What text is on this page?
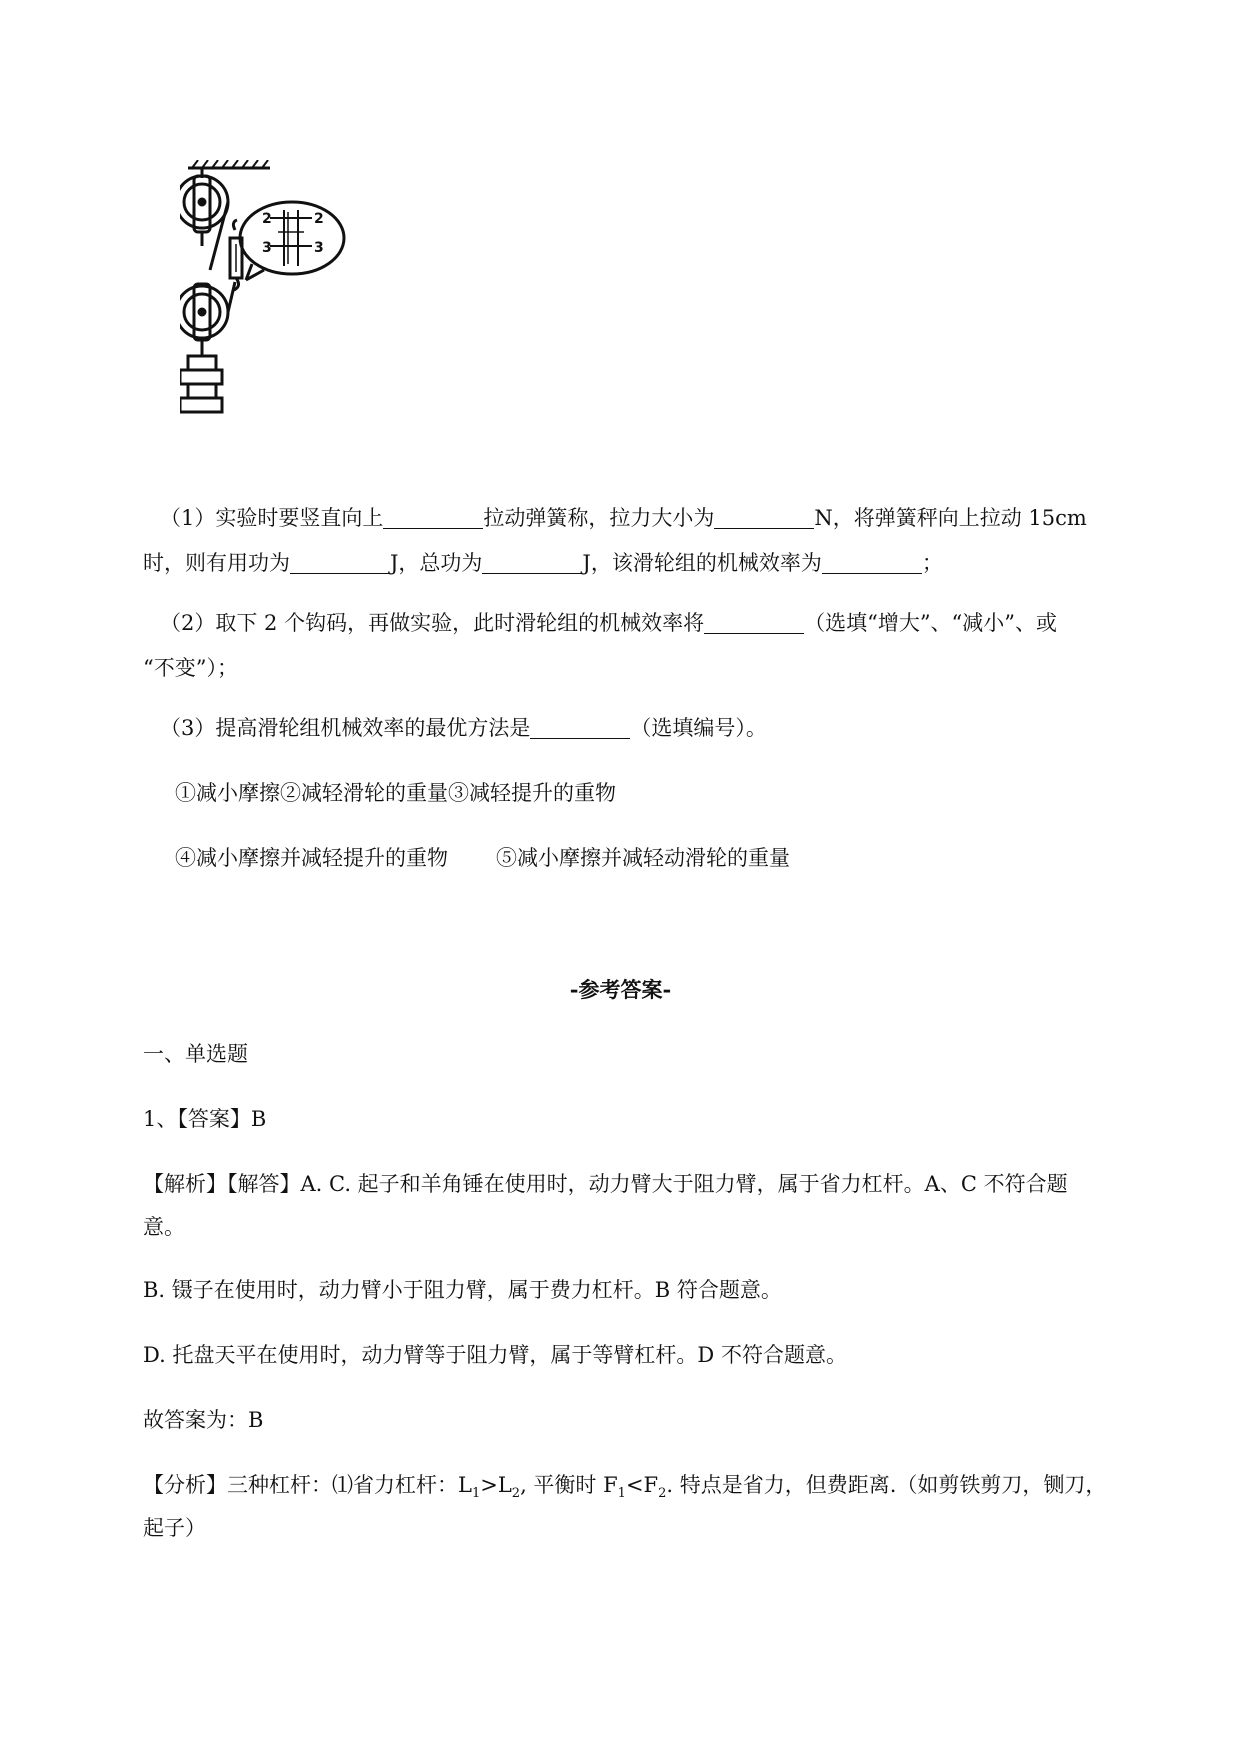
2	2
3	3
（1）实验时要竖直向上	拉动弹簧称，拉力大小为	N，将弹簧秤向上拉动 15cm
时，则有用功为	J，总功为	J，该滑轮组的机械效率为	；
（2）取下 2 个钩码，再做实验，此时滑轮组的机械效率将	（选填“增大”、“减小”、或
“不变”）；
（3）提高滑轮组机械效率的最优方法是	（选填编号）。
①减小摩擦②减轻滑轮的重量③减轻提升的重物
④减小摩擦并减轻提升的重物 ⑤减小摩擦并减轻动滑轮的重量
-参考答案-
一、单选题
1、【答案】B
【解析】【解答】A. C. 起子和羊角锤在使用时，动力臂大于阻力臂，属于省力杠杆。A、C 不符合题
意。
B. 镊子在使用时，动力臂小于阻力臂，属于费力杠杆。B 符合题意。
D. 托盘天平在使用时，动力臂等于阻力臂，属于等臂杠杆。D 不符合题意。
故答案为：B
【分析】三种杠杆：⑴省力杠杆：$L_1>L_2$, 平衡时 $F_1<F_2$. 特点是省力，但费距离.（如剪铁剪刀，铡刀，
起子）
